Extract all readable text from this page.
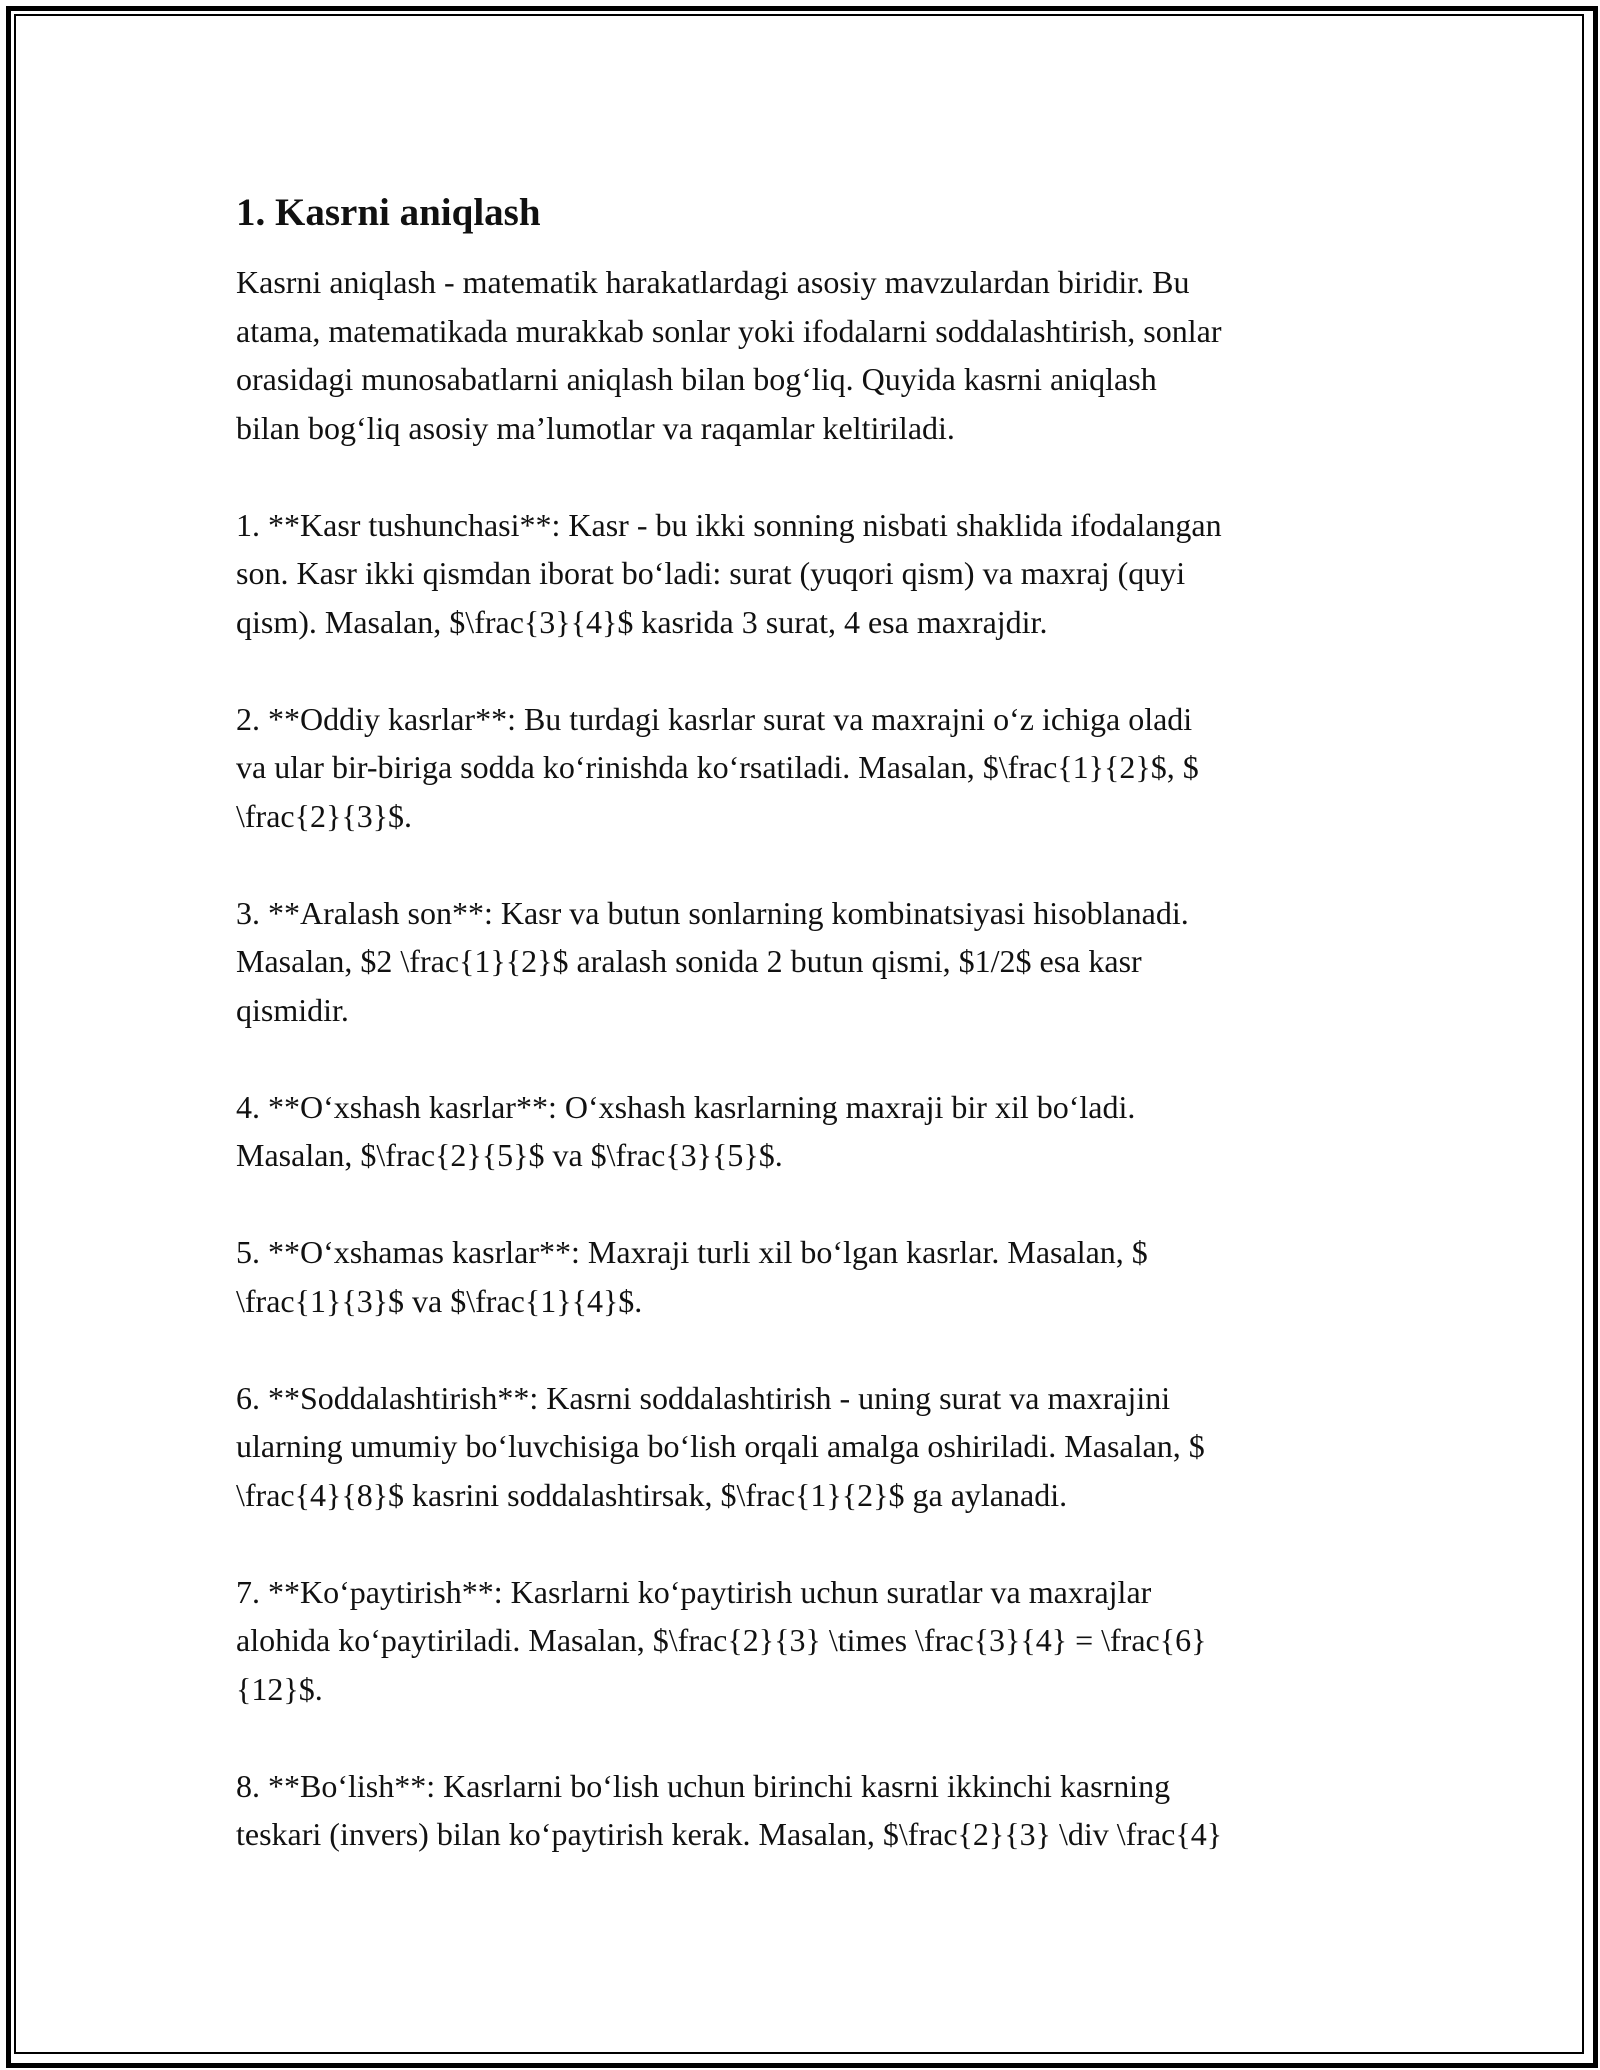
1. Kasrni aniqlash
Kasrni aniqlash - matematik harakatlardagi asosiy mavzulardan biridir. Bu
atama, matematikada murakkab sonlar yoki ifodalarni soddalashtirish, sonlar
orasidagi munosabatlarni aniqlash bilan bog‘liq. Quyida kasrni aniqlash
bilan bog‘liq asosiy ma’lumotlar va raqamlar keltiriladi.
1. **Kasr tushunchasi**: Kasr - bu ikki sonning nisbati shaklida ifodalangan
son. Kasr ikki qismdan iborat bo‘ladi: surat (yuqori qism) va maxraj (quyi
qism). Masalan, $\frac{3}{4}$ kasrida 3 surat, 4 esa maxrajdir.
2. **Oddiy kasrlar**: Bu turdagi kasrlar surat va maxrajni o‘z ichiga oladi
va ular bir-biriga sodda ko‘rinishda ko‘rsatiladi. Masalan, $\frac{1}{2}$, $
\frac{2}{3}$.
3. **Aralash son**: Kasr va butun sonlarning kombinatsiyasi hisoblanadi.
Masalan, $2 \frac{1}{2}$ aralash sonida 2 butun qismi, $1/2$ esa kasr
qismidir.
4. **O‘xshash kasrlar**: O‘xshash kasrlarning maxraji bir xil bo‘ladi.
Masalan, $\frac{2}{5}$ va $\frac{3}{5}$.
5. **O‘xshamas kasrlar**: Maxraji turli xil bo‘lgan kasrlar. Masalan, $
\frac{1}{3}$ va $\frac{1}{4}$.
6. **Soddalashtirish**: Kasrni soddalashtirish - uning surat va maxrajini
ularning umumiy bo‘luvchisiga bo‘lish orqali amalga oshiriladi. Masalan, $
\frac{4}{8}$ kasrini soddalashtirsak, $\frac{1}{2}$ ga aylanadi.
7. **Ko‘paytirish**: Kasrlarni ko‘paytirish uchun suratlar va maxrajlar
alohida ko‘paytiriladi. Masalan, $\frac{2}{3} \times \frac{3}{4} = \frac{6}
{12}$.
8. **Bo‘lish**: Kasrlarni bo‘lish uchun birinchi kasrni ikkinchi kasrning
teskari (invers) bilan ko‘paytirish kerak. Masalan, $\frac{2}{3} \div \frac{4}
